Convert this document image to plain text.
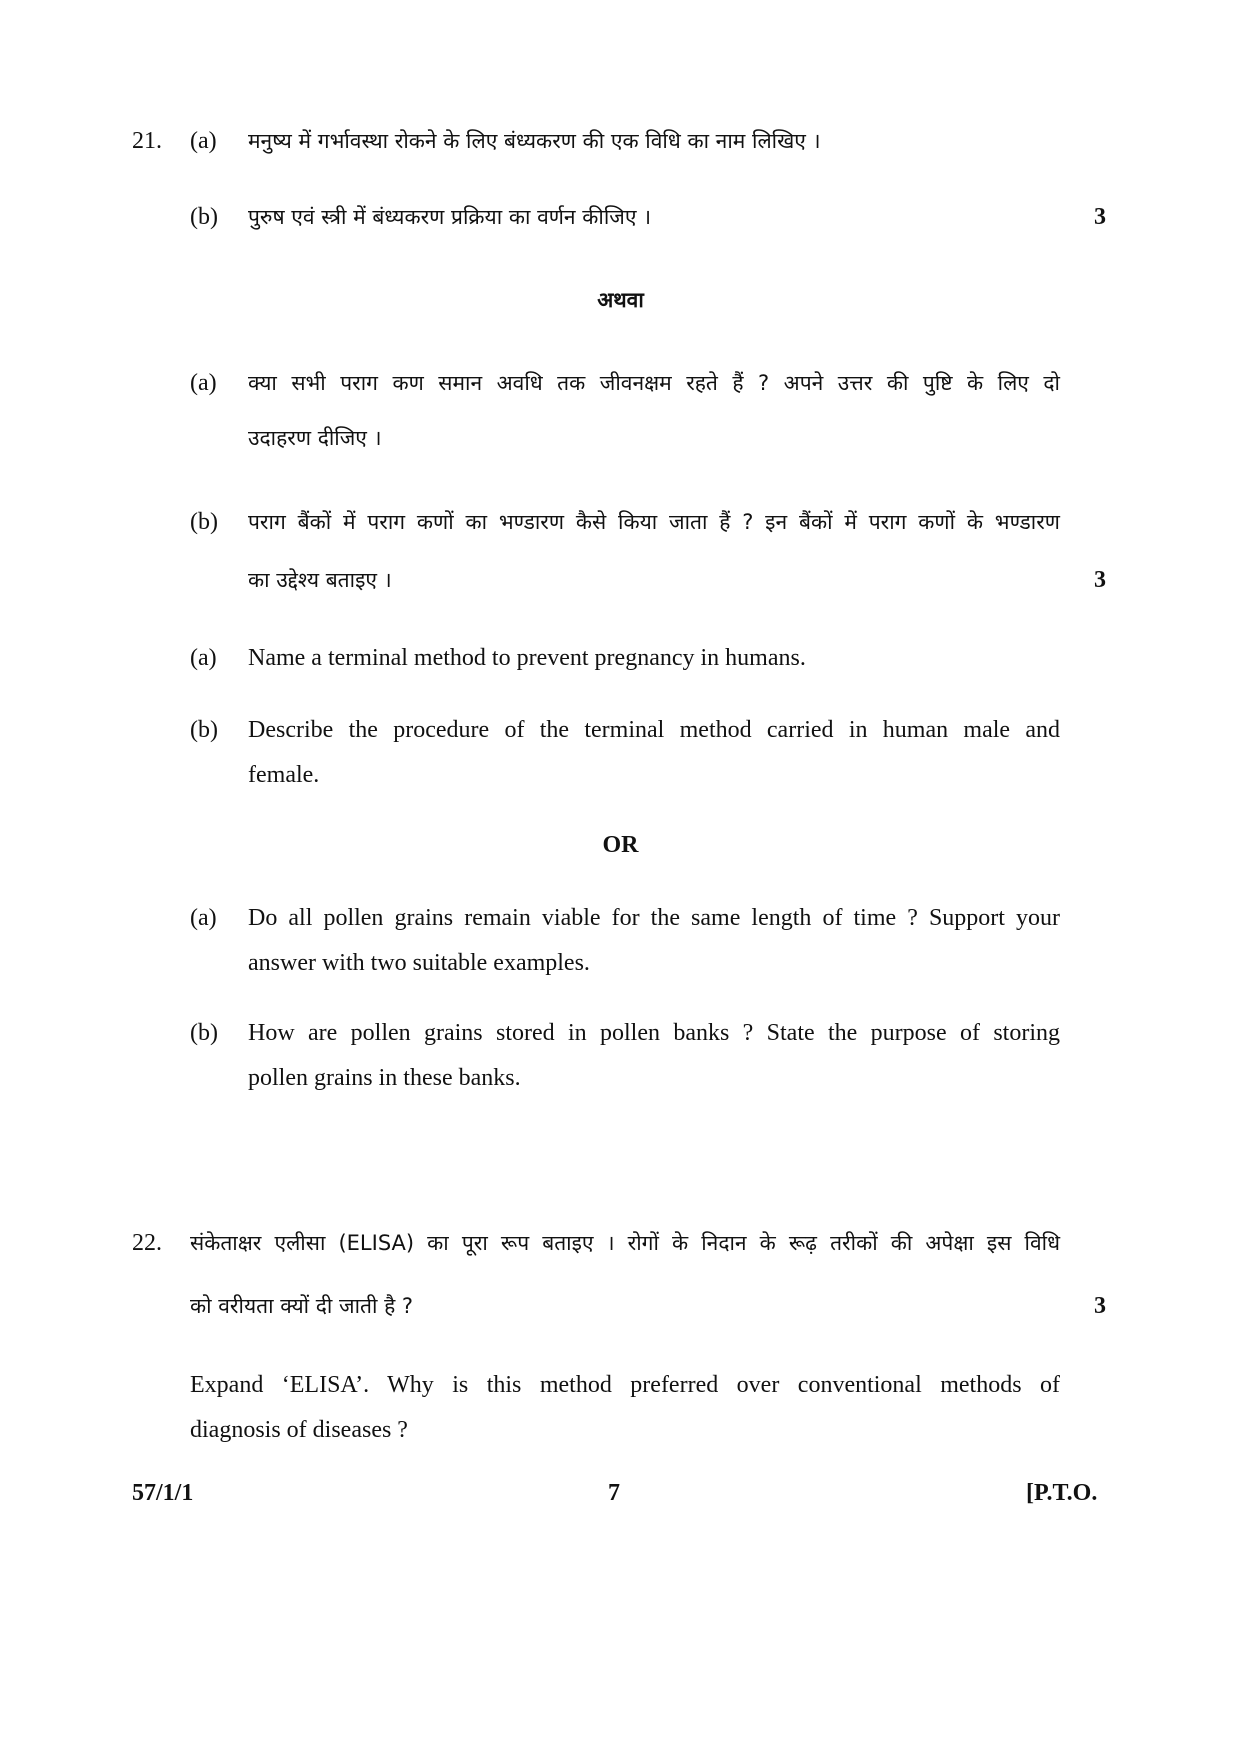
21. (a) मनुष्य में गर्भावस्था रोकने के लिए बंध्यकरण की एक विधि का नाम लिखिए ।
(b) पुरुष एवं स्त्री में बंध्यकरण प्रक्रिया का वर्णन कीजिए ।	3
अथवा
(a) क्या सभी पराग कण समान अवधि तक जीवनक्षम रहते हैं ? अपने उत्तर की पुष्टि के लिए दो
उदाहरण दीजिए ।
(b) पराग बैंकों में पराग कणों का भण्डारण कैसे किया जाता हैं ? इन बैंकों में पराग कणों के भण्डारण
का उद्देश्य बताइए ।	3
(a) Name a terminal method to prevent pregnancy in humans.
(b) Describe the procedure of the terminal method carried in human male and
female.
OR
(a) Do all pollen grains remain viable for the same length of time ? Support your
answer with two suitable examples.
(b) How are pollen grains stored in pollen banks ? State the purpose of storing
pollen grains in these banks.
22. संकेताक्षर एलीसा (ELISA) का पूरा रूप बताइए । रोगों के निदान के रूढ़ तरीकों की अपेक्षा इस विधि
को वरीयता क्यों दी जाती है ?	3
Expand ‘ELISA’. Why is this method preferred over conventional methods of
diagnosis of diseases ?
57/1/1	7	[P.T.O.
